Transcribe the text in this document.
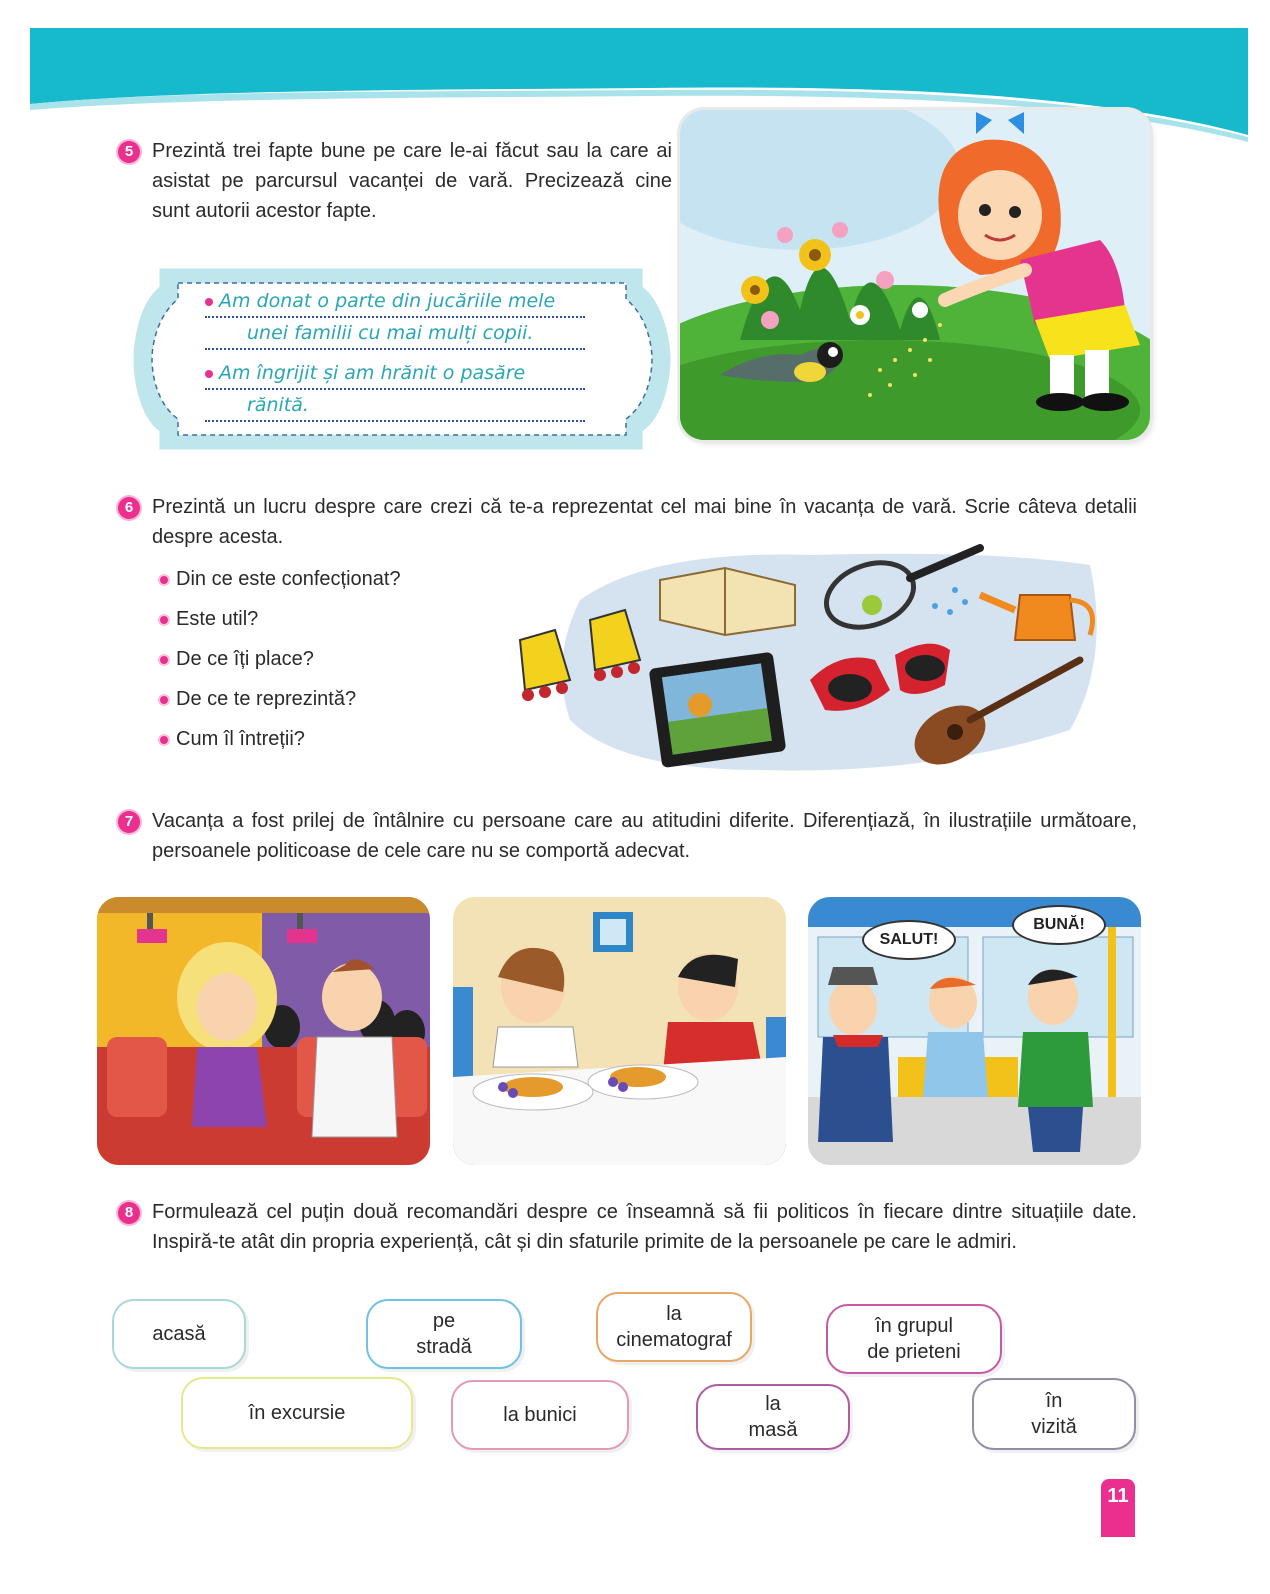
5 Prezintă trei fapte bune pe care le-ai făcut sau la care ai asistat pe parcursul vacanței de vară. Precizează cine sunt autorii acestor fapte.
Am donat o parte din jucăriile mele
unei familii cu mai mulți copii.
Am îngrijit și am hrănit o pasăre
rănită.
6 Prezintă un lucru despre care crezi că te-a reprezentat cel mai bine în vacanța de vară. Scrie câteva detalii despre acesta.
Din ce este confecționat?
Este util?
De ce îți place?
De ce te reprezintă?
Cum îl întreții?
7 Vacanța a fost prilej de întâlnire cu persoane care au atitudini diferite. Diferențiază, în ilustrațiile următoare, persoanele politicoase de cele care nu se comportă adecvat.
SALUT!
BUNĂ!
8 Formulează cel puțin două recomandări despre ce înseamnă să fii politicos în fiecare dintre situațiile date. Inspiră-te atât din propria experiență, cât și din sfaturile primite de la persoanele pe care le admiri.
acasă
pe
stradă
la
cinematograf
în grupul
de prieteni
în excursie	la bunici	la
masă
în
vizită
11
